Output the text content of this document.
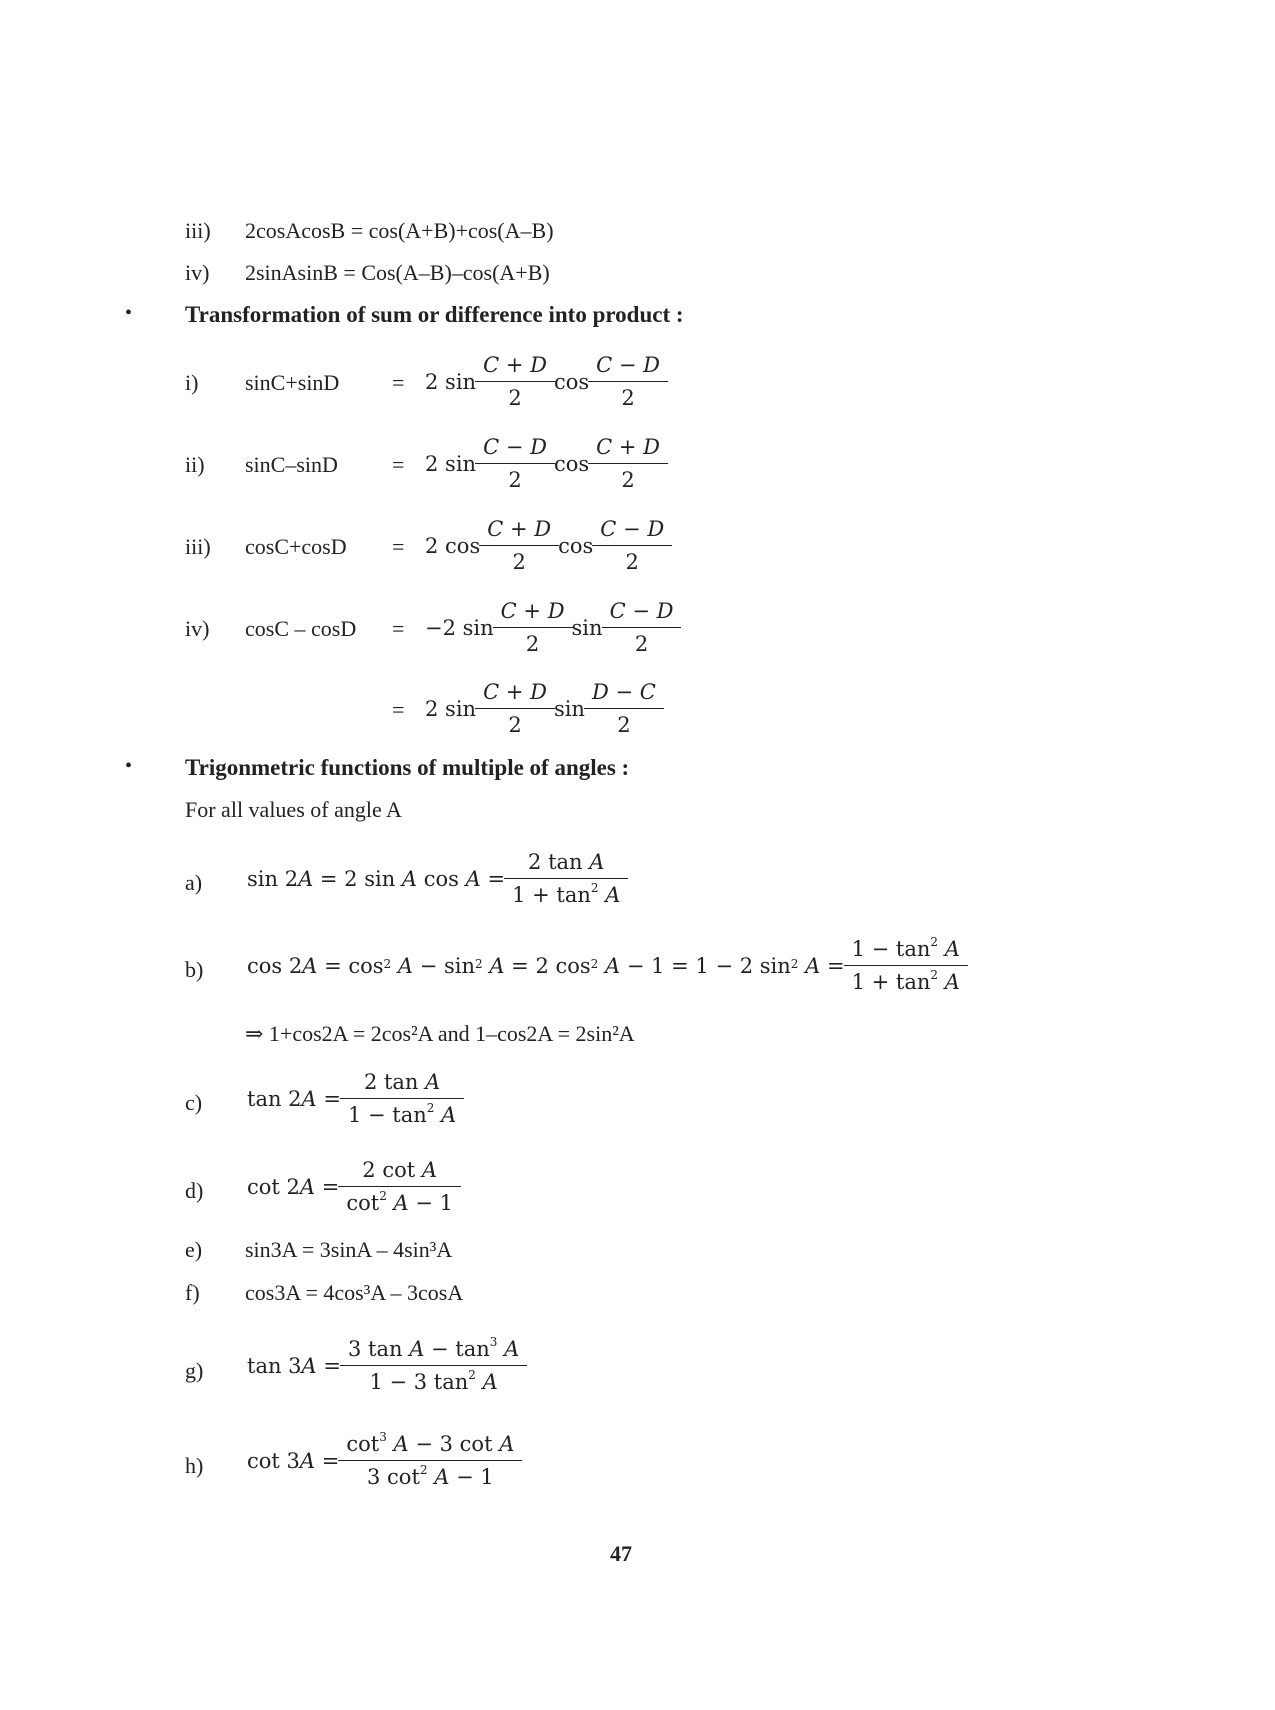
iii) 2cosAcosB = cos(A+B)+cos(A–B)
iv) 2sinAsinB = Cos(A–B)–cos(A+B)
• Transformation of sum or difference into product :
i) sinC+sinD = 2 $\sin \frac{C + D}{2}$ $\cos \frac{C - D}{2}$
ii) sinC–sinD = 2 $\sin \frac{C - D}{2}$ $\cos \frac{C + D}{2}$
iii) cosC+cosD = 2 $\cos \frac{C + D}{2}$ $\cos \frac{C - D}{2}$
iv) cosC – cosD = −2 $\sin \frac{C + D}{2}$ $\sin \frac{C - D}{2}$
= 2 $\sin \frac{C + D}{2}$ $\sin \frac{D - C}{2}$
• Trigonmetric functions of multiple of angles :
For all values of angle A
a) sin 2 A = 2 sin A $\cos A = \frac{\text{2 tan A}}{1 + \tan^2 A}$
b) cos 2 $A = \cos^2$
$A - \sin^2$
A = 2 $\cos^2$
A − 1 = 1 − 2 $\sin^2$
$A = \frac{1 - \tan^2 A}{1 + \tan^2 A}$
⇒ 1+cos2A = 2cos²A and 1–cos2A = 2sin²A
c) tan 2 $A = \frac{\text{2 tan A}}{1 - \tan^2 A}$
d) cot 2 $A = \frac{\text{2 cot A}}{\cot^2 A - 1}$
e) sin3A = 3sinA – 4sin³A
f) cos3A = 4cos³A – 3cosA
g) tan 3 $A = \frac{3 \tan A - \tan^3 A}{1 - 3 \tan^2 A}$
h) cot 3 $A = \frac{\cot^3 A - 3 \cot A}{3 \cot^2 A - 1}$
47
